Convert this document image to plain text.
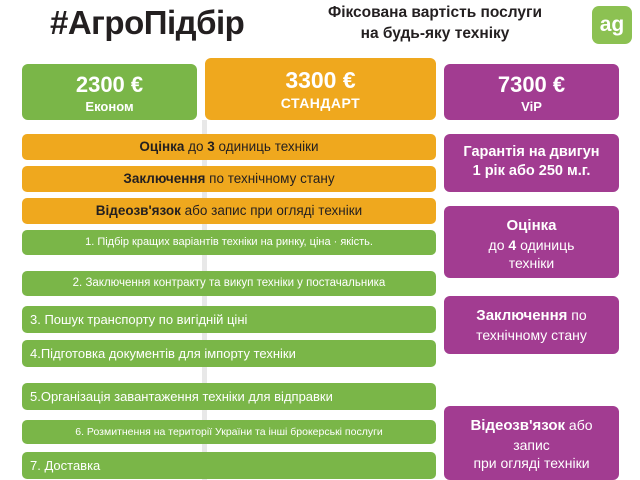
#АгроПідбір	Фіксована вартість послуги
на будь-яку техніку	ag
2300 €
Економ
3300 €
СТАНДАРТ
7300 €
ViP
Оцінка до 3 одиниць техніки
Заключення по технічному стану
Відеозв'язок або запис при огляді техніки
1. Підбір кращих варіантів техніки на ринку, ціна · якість.
2. Заключення контракту та викуп техніки у постачальника
3. Пошук транспорту по вигідній ціні
4.Підготовка документів для імпорту техніки
5.Організація завантаження техніки для відправки
6. Розмитнення на території України та інші брокерські послуги
7. Доставка
Гарантія на двигун
1 рік або 250 м.г.
Оцінка
до 4 одиниць
техніки
Заключення по
технічному стану
Відеозв'язок або
запис
при огляді техніки
